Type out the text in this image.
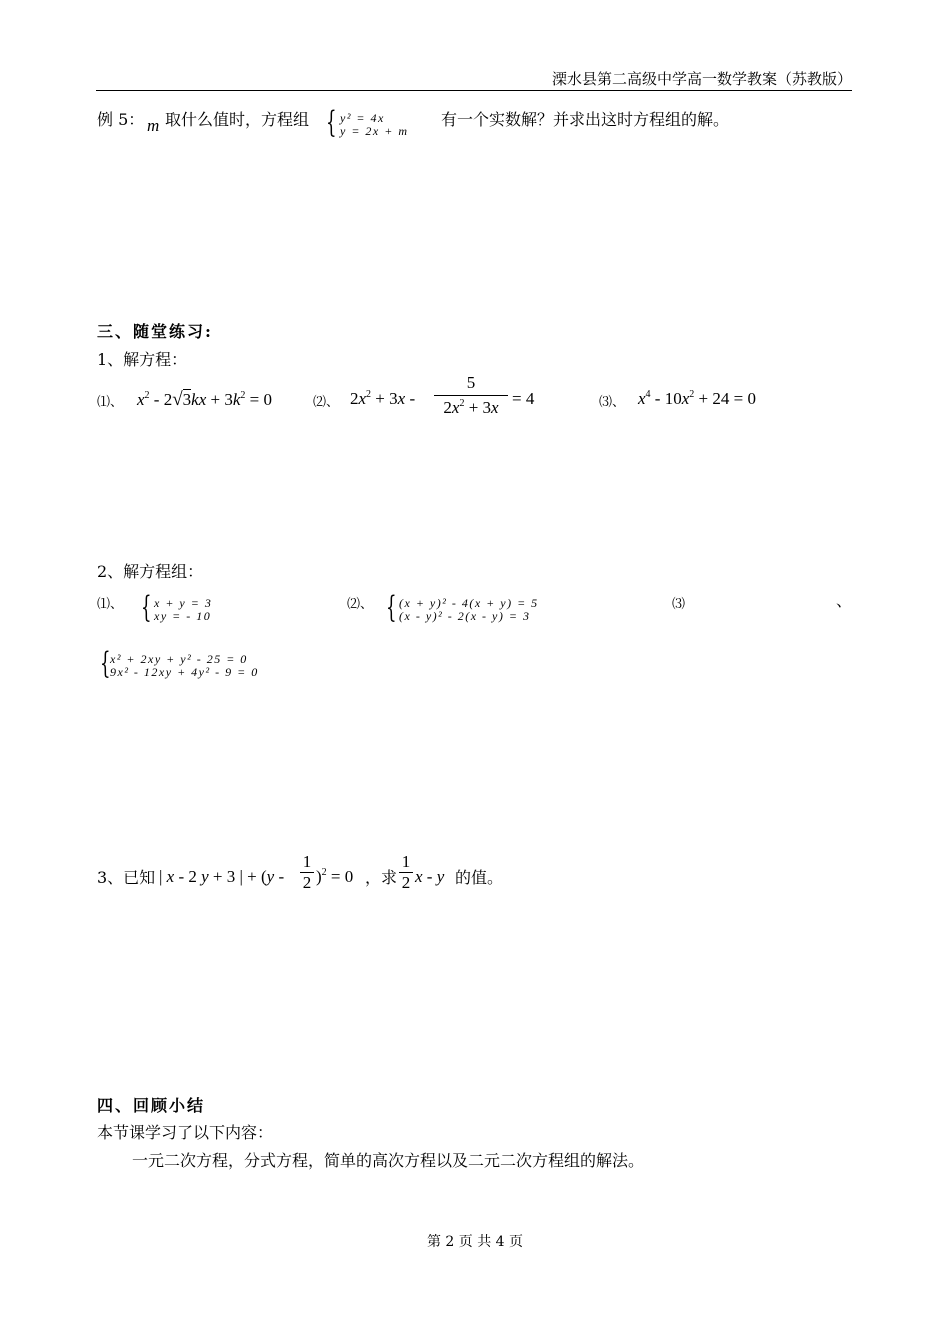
溧水县第二高级中学高一数学教案（苏教版）
例 5： m 取什么值时，方程组 { y² = 4x
y = 2x + m
有一个实数解？并求出这时方程组的解。
三、随堂练习:
1、解方程：
⑴、 $x^2 - 2√3kx + 3k^2 = 0$	⑵、 $2x^2 + 3x$ -
5
$2x^2 + 3x = 4$	⑶、 $x^4 - 10x^2 + 24 = 0$
2、解方程组：
⑴、 { x + y = 3
xy = - 10
⑵、 { (x + y)² - 4(x + y) = 5
(x - y)² - 2(x - y) = 3
⑶	、
{ x² + 2xy + y² - 25 = 0
9x² - 12xy + 4y² - 9 = 0
3、已知 | x - 2 y + 3 | + (y -
1
2 )$^2$ = 0 ，求
1
2 x - y 的值。
四、回顾小结
本节课学习了以下内容：
一元二次方程，分式方程，简单的高次方程以及二元二次方程组的解法。
第 2 页 共 4 页
